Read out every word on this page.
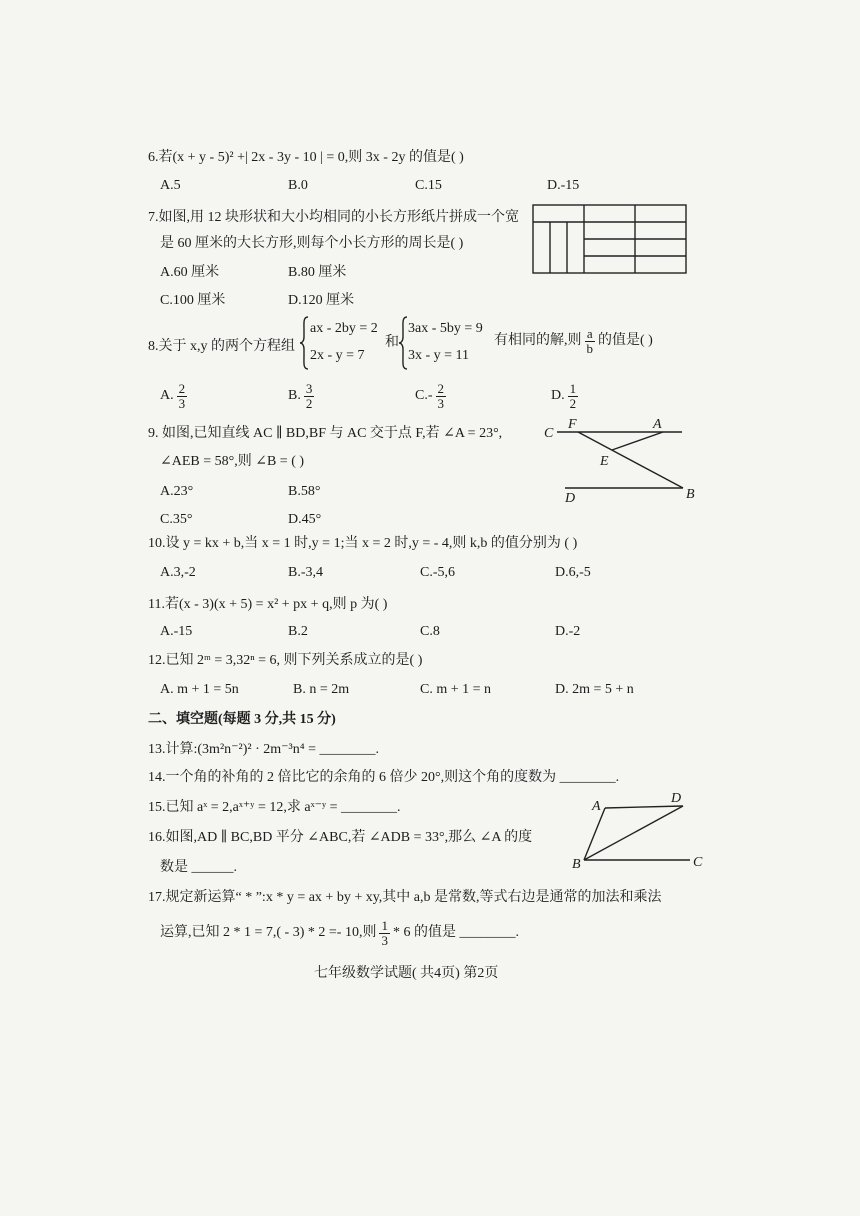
6.若(x + y - 5)² +| 2x - 3y - 10 | = 0,则 3x - 2y 的值是( )
A.5	B.0	C.15	D.-15
7.如图,用 12 块形状和大小均相同的小长方形纸片拼成一个宽
是 60 厘米的大长方形,则每个小长方形的周长是( )
A.60 厘米	B.80 厘米
C.100 厘米	D.120 厘米
8.关于 x,y 的两个方程组
ax - 2by = 2
2x - y = 7
和
3ax - 5by = 9
3x - y = 11
有相同的解,则 $\frac{a}{b}$ 的值是( )
A. $\frac{2}{3}$	B. $\frac{3}{2}$	$C.- \frac{2}{3}$	D. $\frac{1}{2}$
9. 如图,已知直线 AC ∥ BD,BF 与 AC 交于点 F,若 ∠A = 23°,
∠AEB = 58°,则 ∠B = ( )
A.23°	B.58°
C.35°	D.45°
C
F	A
E
D	B
10.设 y = kx + b,当 x = 1 时,y = 1;当 x = 2 时,y = - 4,则 k,b 的值分别为 ( )
A.3,-2	B.-3,4	C.-5,6	D.6,-5
11.若(x - 3)(x + 5) = x² + px + q,则 p 为( )
A.-15	B.2	C.8	D.-2
12.已知 2ᵐ = 3,32ⁿ = 6, 则下列关系成立的是( )
A. m + 1 = 5n	B. n = 2m	C. m + 1 = n	D. 2m = 5 + n
二、填空题(每题 3 分,共 15 分)
13.计算:(3m²n⁻²)² · 2m⁻³n⁴ = ________.
14.一个角的补角的 2 倍比它的余角的 6 倍少 20°,则这个角的度数为 ________.
15.已知 aˣ = 2,aˣ⁺ʸ = 12,求 aˣ⁻ʸ = ________.
16.如图,AD ∥ BC,BD 平分 ∠ABC,若 ∠ADB = 33°,那么 ∠A 的度
数是 ______.
A
D
B	C
17.规定新运算“ * ”:x * y = ax + by + xy,其中 a,b 是常数,等式右边是通常的加法和乘法
运算,已知 2 * 1 = 7,( - 3) * 2 =- 10,则 $\frac{1}{3} * 6$ 的值是 ________.
七年级数学试题( 共4页) 第2页
